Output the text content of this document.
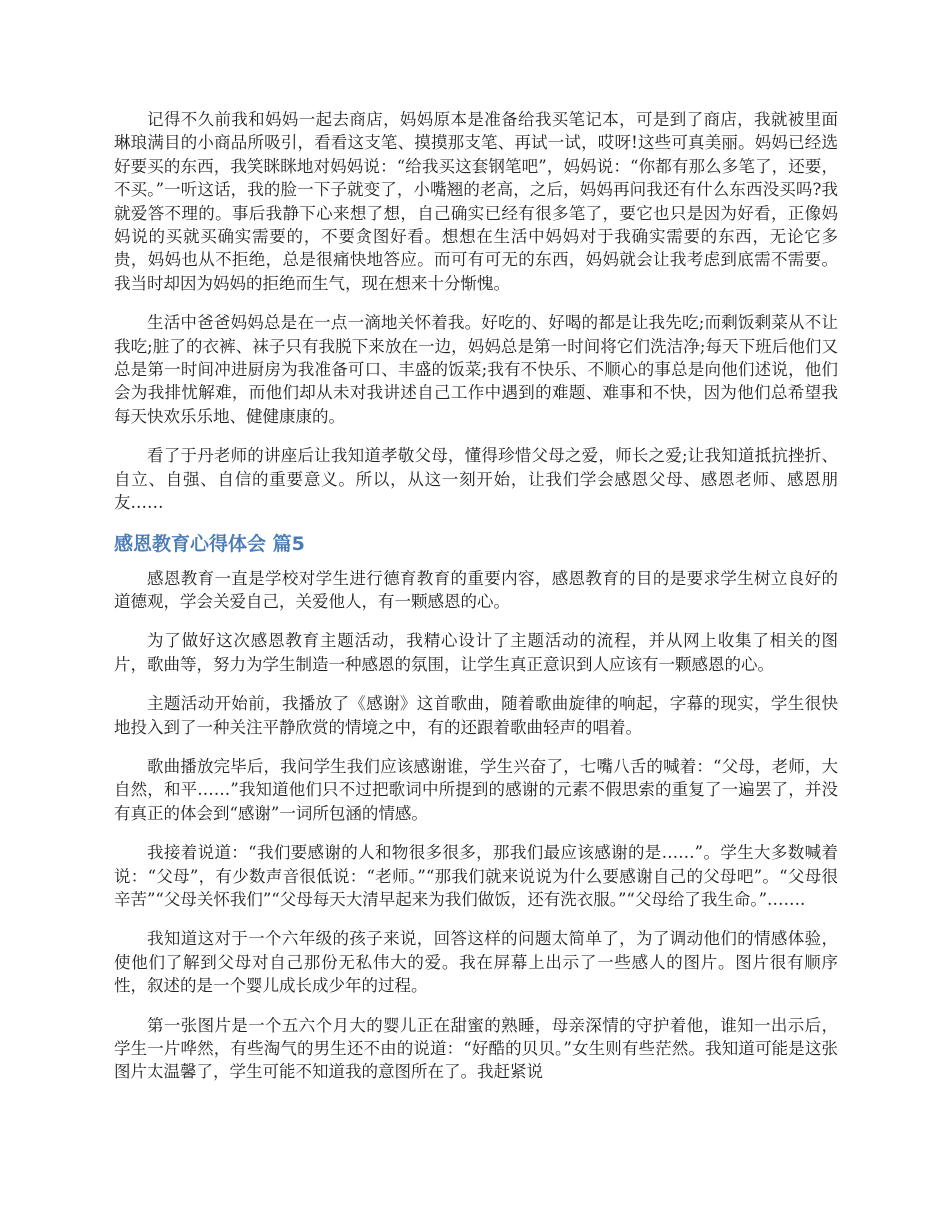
记得不久前我和妈妈一起去商店，妈妈原本是准备给我买笔记本，可是到了商店，我就被里面琳琅满目的小商品所吸引，看看这支笔、摸摸那支笔、再试一试，哎呀!这些可真美丽。妈妈已经选好要买的东西，我笑眯眯地对妈妈说：“给我买这套钢笔吧”，妈妈说：“你都有那么多笔了，还要，不买。”一听这话，我的脸一下子就变了，小嘴翘的老高，之后，妈妈再问我还有什么东西没买吗?我就爱答不理的。事后我静下心来想了想，自己确实已经有很多笔了，要它也只是因为好看，正像妈妈说的买就买确实需要的，不要贪图好看。想想在生活中妈妈对于我确实需要的东西，无论它多贵，妈妈也从不拒绝，总是很痛快地答应。而可有可无的东西，妈妈就会让我考虑到底需不需要。我当时却因为妈妈的拒绝而生气，现在想来十分惭愧。

生活中爸爸妈妈总是在一点一滴地关怀着我。好吃的、好喝的都是让我先吃;而剩饭剩菜从不让我吃;脏了的衣裤、袜子只有我脱下来放在一边，妈妈总是第一时间将它们洗洁净;每天下班后他们又总是第一时间冲进厨房为我准备可口、丰盛的饭菜;我有不快乐、不顺心的事总是向他们述说，他们会为我排忧解难，而他们却从未对我讲述自己工作中遇到的难题、难事和不快，因为他们总希望我每天快欢乐乐地、健健康康的。

看了于丹老师的讲座后让我知道孝敬父母，懂得珍惜父母之爱，师长之爱;让我知道抵抗挫折、自立、自强、自信的重要意义。所以，从这一刻开始，让我们学会感恩父母、感恩老师、感恩朋友……

感恩教育心得体会 篇5

感恩教育一直是学校对学生进行德育教育的重要内容，感恩教育的目的是要求学生树立良好的道德观，学会关爱自己，关爱他人，有一颗感恩的心。

为了做好这次感恩教育主题活动，我精心设计了主题活动的流程，并从网上收集了相关的图片，歌曲等，努力为学生制造一种感恩的氛围，让学生真正意识到人应该有一颗感恩的心。

主题活动开始前，我播放了《感谢》这首歌曲，随着歌曲旋律的响起，字幕的现实，学生很快地投入到了一种关注平静欣赏的情境之中，有的还跟着歌曲轻声的唱着。

歌曲播放完毕后，我问学生我们应该感谢谁，学生兴奋了，七嘴八舌的喊着：“父母，老师，大自然，和平……”我知道他们只不过把歌词中所提到的感谢的元素不假思索的重复了一遍罢了，并没有真正的体会到“感谢”一词所包涵的情感。

我接着说道：“我们要感谢的人和物很多很多，那我们最应该感谢的是……”。学生大多数喊着说：“父母”，有少数声音很低说：“老师。”“那我们就来说说为什么要感谢自己的父母吧”。“父母很辛苦”“父母关怀我们”“父母每天大清早起来为我们做饭，还有洗衣服。”“父母给了我生命。”…….

我知道这对于一个六年级的孩子来说，回答这样的问题太简单了，为了调动他们的情感体验，使他们了解到父母对自己那份无私伟大的爱。我在屏幕上出示了一些感人的图片。图片很有顺序性，叙述的是一个婴儿成长成少年的过程。

第一张图片是一个五六个月大的婴儿正在甜蜜的熟睡，母亲深情的守护着他，谁知一出示后，学生一片哗然，有些淘气的男生还不由的说道：“好酷的贝贝。”女生则有些茫然。我知道可能是这张图片太温馨了，学生可能不知道我的意图所在了。我赶紧说
